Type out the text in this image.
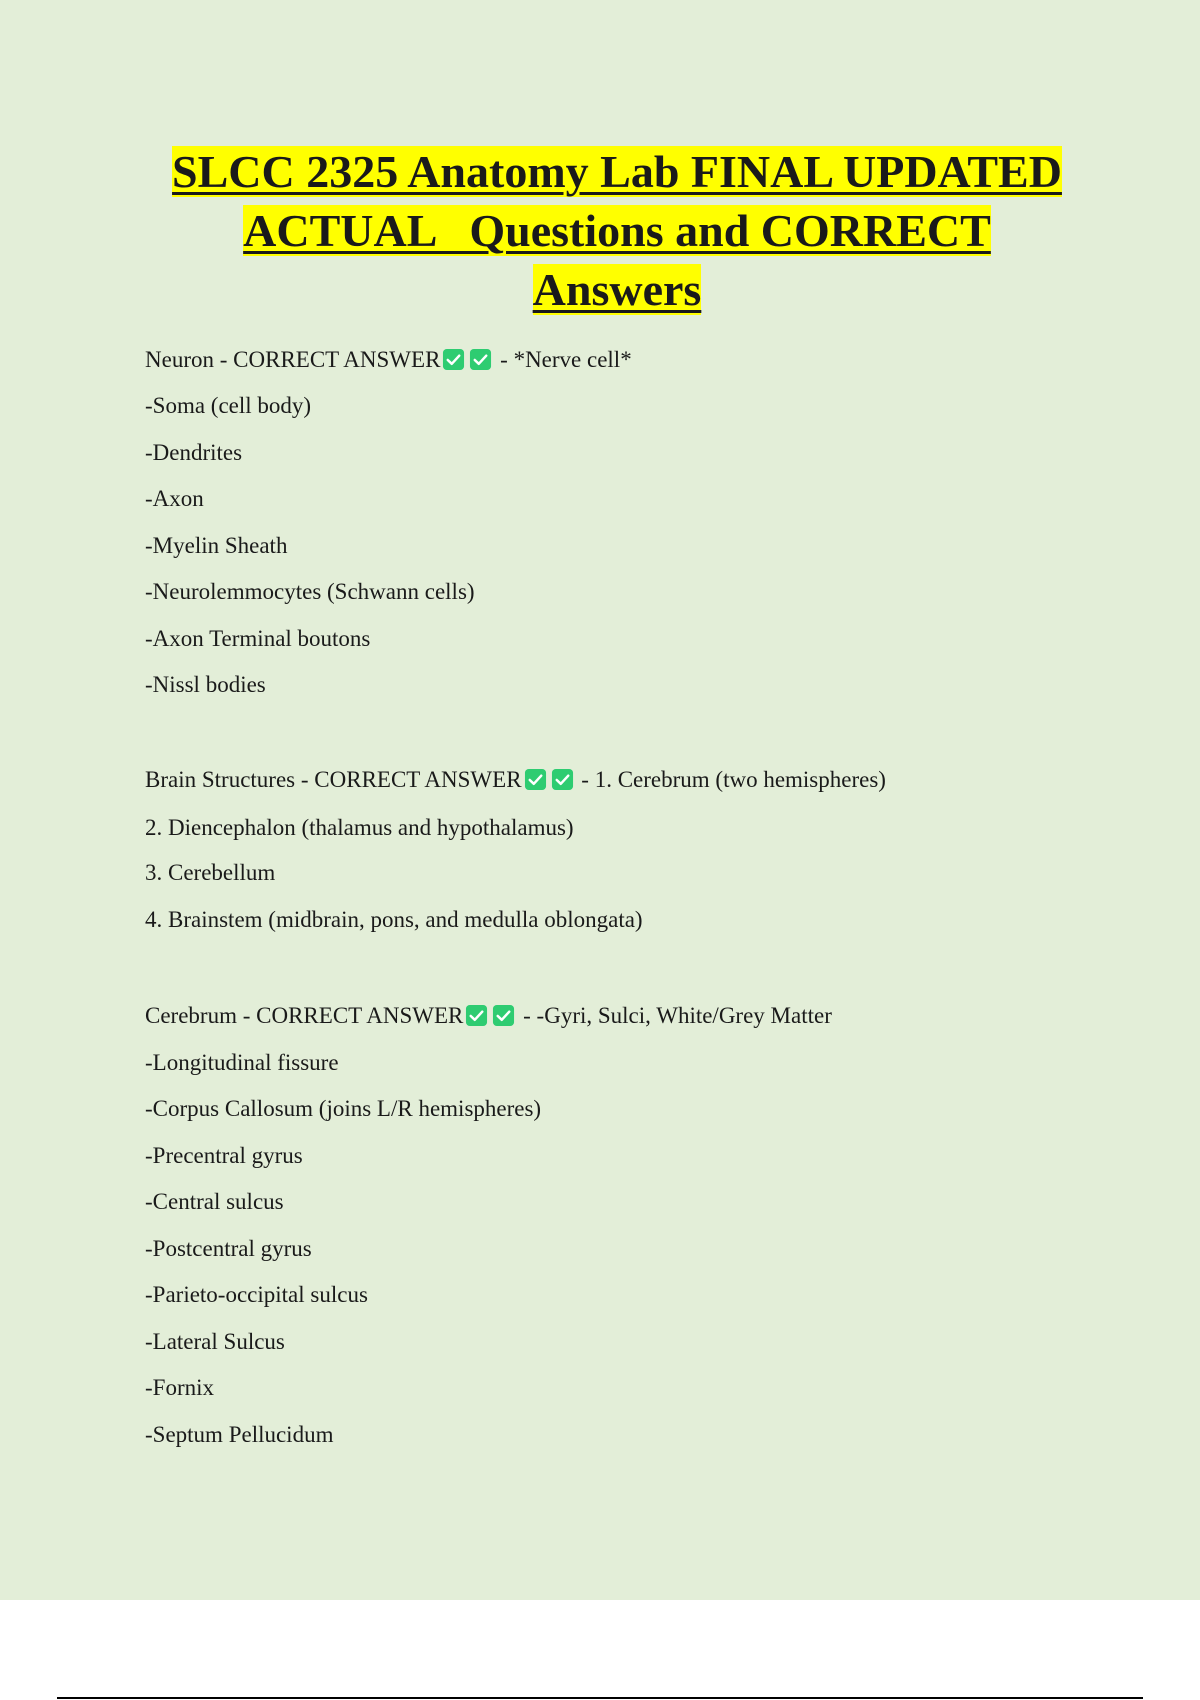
SLCC 2325 Anatomy Lab FINAL UPDATED
ACTUAL   Questions and CORRECT
Answers

Neuron - CORRECT ANSWER
- *Nerve cell*

-Soma (cell body)

-Dendrites

-Axon

-Myelin Sheath

-Neurolemmocytes (Schwann cells)

-Axon Terminal boutons

-Nissl bodies

Brain Structures - CORRECT ANSWER
- 1. Cerebrum (two hemispheres)

2. Diencephalon (thalamus and hypothalamus)

3. Cerebellum

4. Brainstem (midbrain, pons, and medulla oblongata)

Cerebrum - CORRECT ANSWER
- -Gyri, Sulci, White/Grey Matter

-Longitudinal fissure

-Corpus Callosum (joins L/R hemispheres)

-Precentral gyrus

-Central sulcus

-Postcentral gyrus

-Parieto-occipital sulcus

-Lateral Sulcus

-Fornix

-Septum Pellucidum
